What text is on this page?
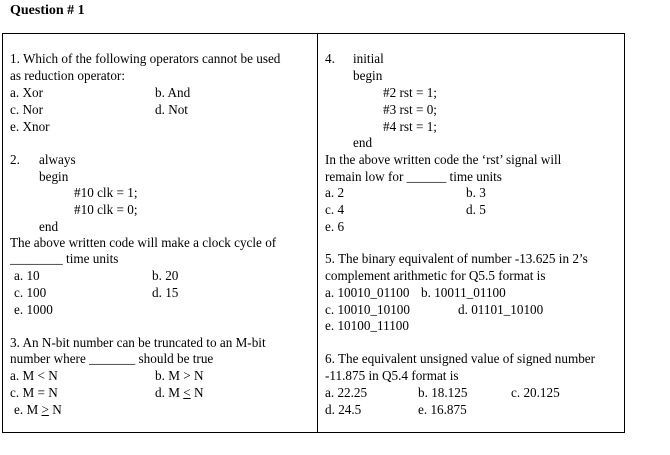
Question # 1
1. Which of the following operators cannot be used
as reduction operator:
a. Xor	b. And
c. Nor	d. Not
e. Xnor
2. always
begin
#10 clk = 1;
#10 clk = 0;
end
The above written code will make a clock cycle of
________ time units
a. 10	b. 20
c. 100	d. 15
e. 1000
3. An N-bit number can be truncated to an M-bit
number where _______ should be true
a. M < N	b. M > N
c. M = N	d. M < N
e. M > N
4. initial
begin
#2 rst = 1;
#3 rst = 0;
#4 rst = 1;
end
In the above written code the ‘rst’ signal will
remain low for ______ time units
a. 2	b. 3
c. 4	d. 5
e. 6
5. The binary equivalent of number -13.625 in 2’s
complement arithmetic for Q5.5 format is
a. 10010_01100 b. 10011_01100
c. 10010_10100	d. 01101_10100
e. 10100_11100
6. The equivalent unsigned value of signed number
-11.875 in Q5.4 format is
a. 22.25	b. 18.125	c. 20.125
d. 24.5	e. 16.875
